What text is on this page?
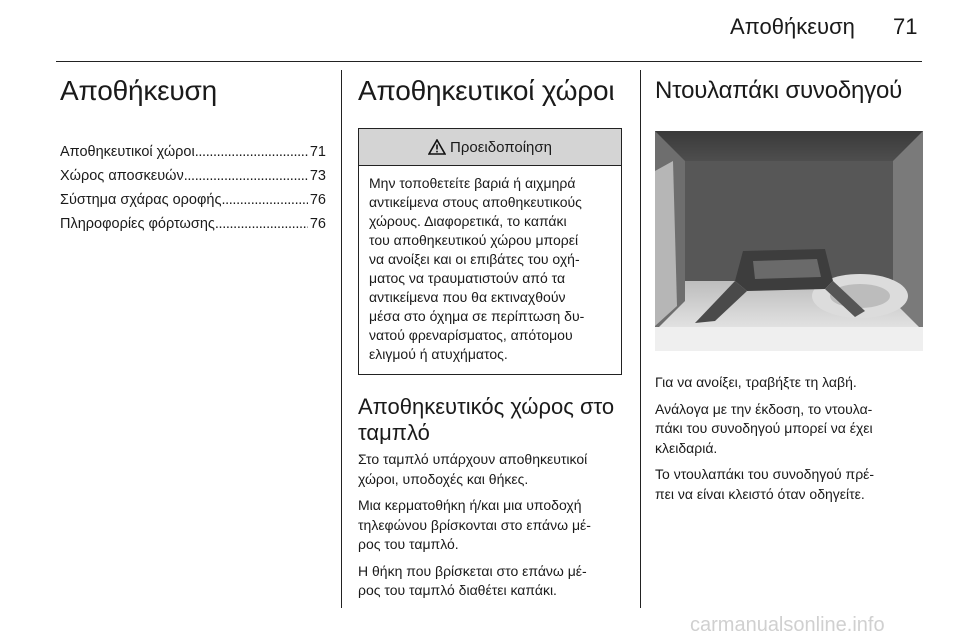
Αποθήκευση 71
Αποθήκευση
Αποθηκευτικοί χώροι . . .	71
Χώρος αποσκευών . . .	73
Σύστημα σχάρας οροφής . . .	76
Πληροφορίες φόρτωσης . . .	76
Αποθηκευτικοί χώροι
Προειδοποίηση
Μην τοποθετείτε βαριά ή αιχμηρά
αντικείμενα στους αποθηκευτικούς
χώρους. Διαφορετικά, το καπάκι
του αποθηκευτικού χώρου μπορεί
να ανοίξει και οι επιβάτες του οχή-
ματος να τραυματιστούν από τα
αντικείμενα που θα εκτιναχθούν
μέσα στο όχημα σε περίπτωση δυ-
νατού φρεναρίσματος, απότομου
ελιγμού ή ατυχήματος.
Αποθηκευτικός χώρος στο
ταμπλό

Στο ταμπλό υπάρχουν αποθηκευτικοί
χώροι, υποδοχές και θήκες.

Μια κερματοθήκη ή/και μια υποδοχή
τηλεφώνου βρίσκονται στο επάνω μέ-
ρος του ταμπλό.

Η θήκη που βρίσκεται στο επάνω μέ-
ρος του ταμπλό διαθέτει καπάκι.

Ντουλαπάκι συνοδηγού

Για να ανοίξει, τραβήξτε τη λαβή.

Ανάλογα με την έκδοση, το ντουλα-
πάκι του συνοδηγού μπορεί να έχει
κλειδαριά.

Το ντουλαπάκι του συνοδηγού πρέ-
πει να είναι κλειστό όταν οδηγείτε.

carmanualsonline.info
